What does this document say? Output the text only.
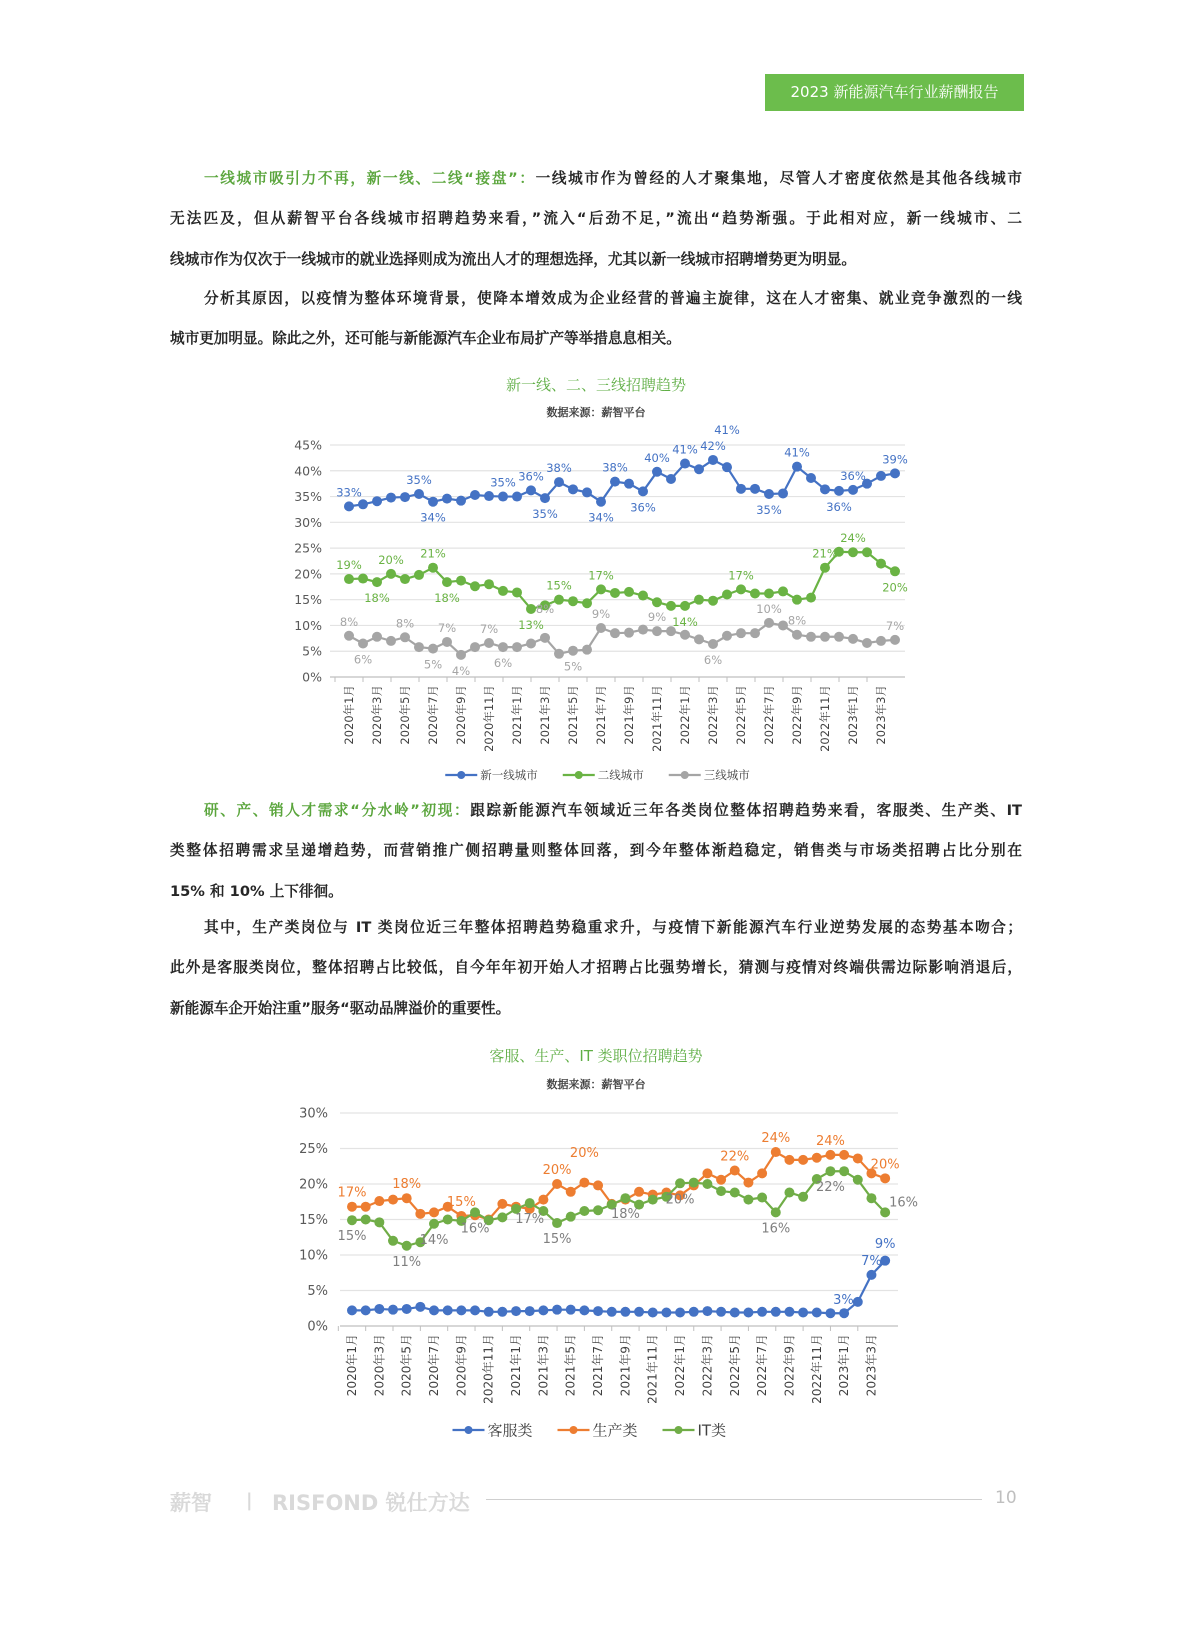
2023 新能源汽车行业薪酬报告
一线城市吸引力不再，新一线、二线“接盘”：一线城市作为曾经的人才聚集地，尽管人才密度依然是其他各线城市
无法匹及，但从薪智平台各线城市招聘趋势来看，”流入“后劲不足，”流出“趋势渐强。于此相对应，新一线城市、二
线城市作为仅次于一线城市的就业选择则成为流出人才的理想选择，尤其以新一线城市招聘增势更为明显。
分析其原因，以疫情为整体环境背景，使降本增效成为企业经营的普遍主旋律，这在人才密集、就业竞争激烈的一线
城市更加明显。除此之外，还可能与新能源汽车企业布局扩产等举措息息相关。
研、产、销人才需求“分水岭”初现：跟踪新能源汽车领域近三年各类岗位整体招聘趋势来看，客服类、生产类、IT
类整体招聘需求呈递增趋势，而营销推广侧招聘量则整体回落，到今年整体渐趋稳定，销售类与市场类招聘占比分别在
15% 和 10% 上下徘徊。
其中，生产类岗位与 IT 类岗位近三年整体招聘趋势稳重求升，与疫情下新能源汽车行业逆势发展的态势基本吻合；
此外是客服类岗位，整体招聘占比较低，自今年年初开始人才招聘占比强势增长，猜测与疫情对终端供需边际影响消退后，
新能源车企开始注重”服务“驱动品牌溢价的重要性。
新一线、二、三线招聘趋势
数据来源：薪智平台
0%
5%
10%
15%
20%
25%
30%
35%
40%
45%
2020年1月 2020年3月 2020年5月 2020年7月 2020年9月 2020年11月 2021年1月 2021年3月 2021年5月 2021年7月 2021年9月 2021年11月 2022年1月 2022年3月 2022年5月 2022年7月 2022年9月 2022年11月 2023年1月 2023年3月
33%
35%
34%
35% 36%
35%
38%
34%
38%
36%
40%
41% 42%
41%
35%
41%
36%
36%
39%
19%
18%
20% 21%
18%
13%
15%
17%
14%
17%
21%
24%
20%
8%
6%
8%
5%
7%
4%
7%
6%
8%
5%
9%	9%
6%
10%
8%	7%
新一线城市	二线城市	三线城市
客服、生产、IT 类职位招聘趋势
数据来源：薪智平台
0%
5%
10%
15%
20%
25%
30%
2020年1月 2020年3月 2020年5月 2020年7月 2020年9月 2020年11月 2021年1月 2021年3月 2021年5月 2021年7月 2021年9月 2021年11月 2022年1月 2022年3月 2022年5月 2022年7月 2022年9月 2022年11月 2023年1月 2023年3月
3%
7%
9%
17%
18%
15%
20%
20%	22%
24% 24%
20%
15%
11%
14%
16%
17%
15%
18%
20%
16%
22%
16%
客服类	生产类	IT类
薪智 | RISFOND 锐仕方达	10
